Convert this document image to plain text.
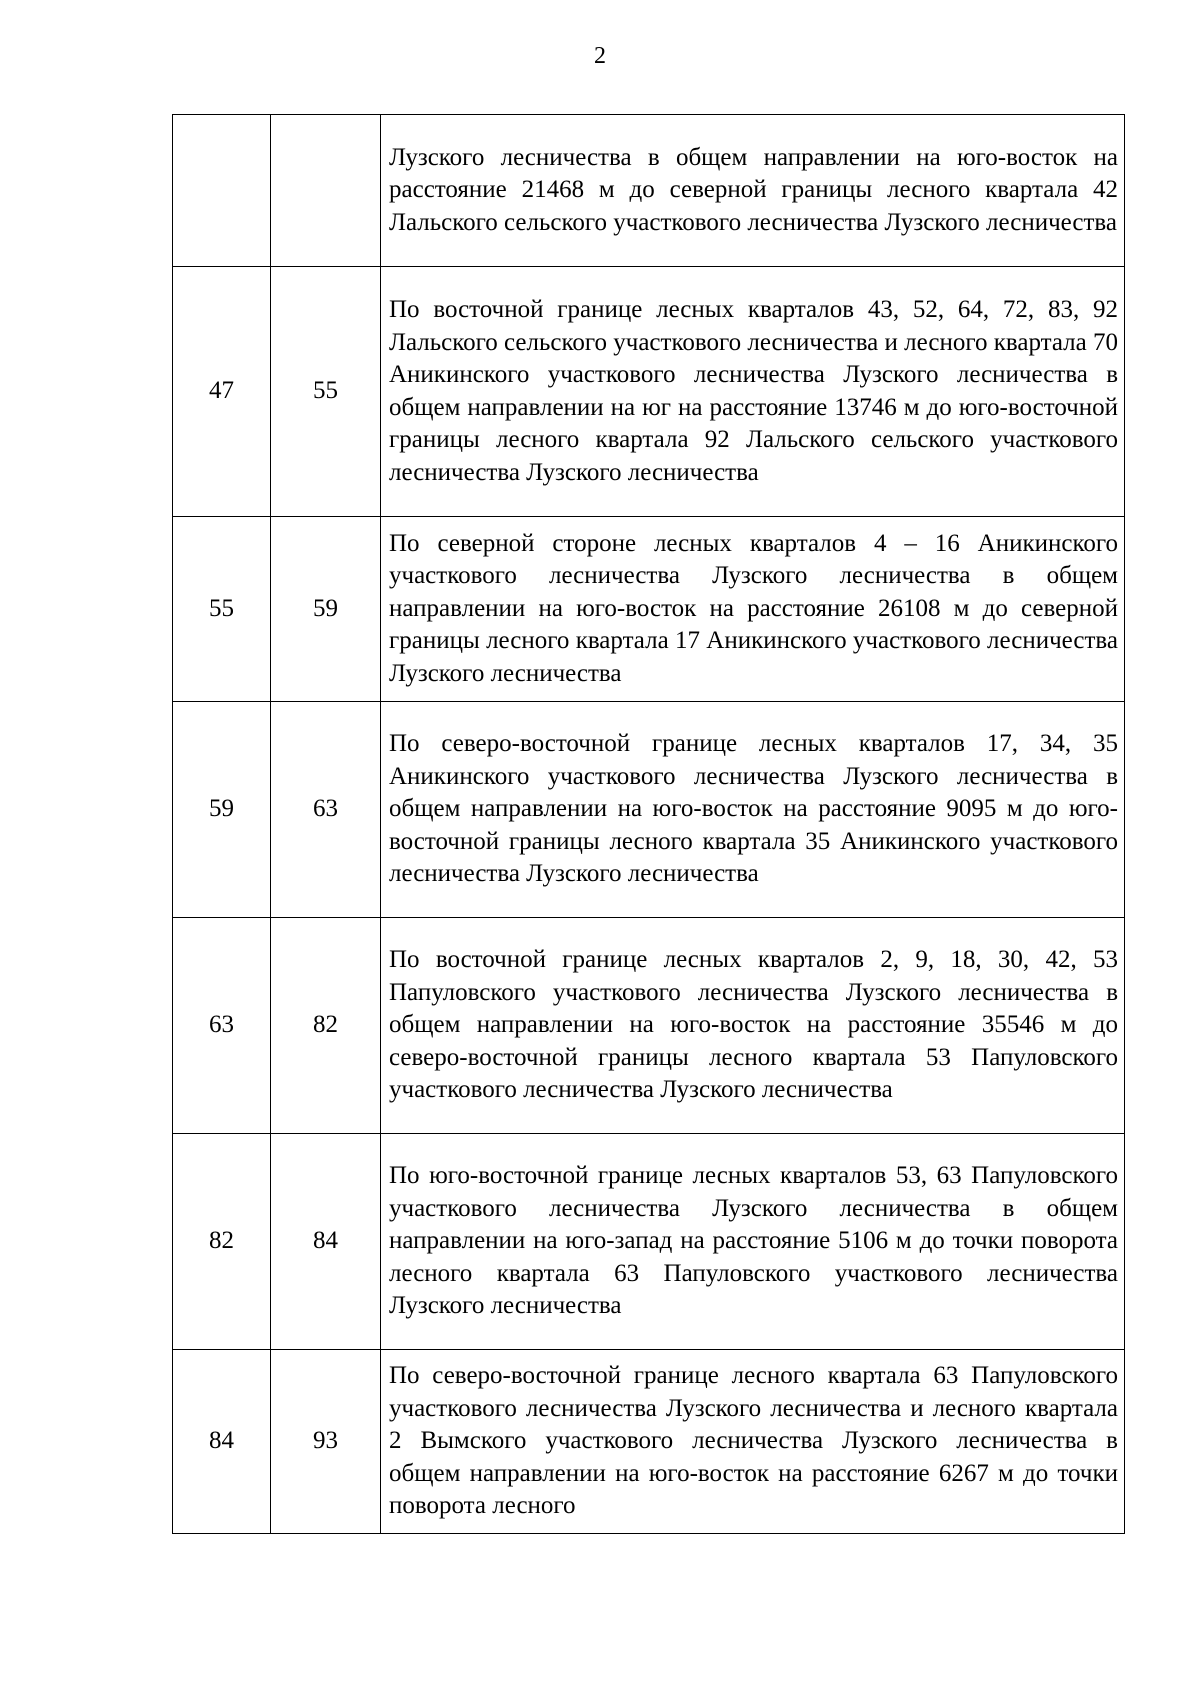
2

		Лузского лесничества в общем направлении на юго-восток на расстояние 21468 м до северной границы лесного квартала 42 Лальского сельского участкового лесничества Лузского лесничества

47	55	По восточной границе лесных кварталов 43, 52, 64, 72, 83, 92 Лальского сельского участкового лесничества и лесного квартала 70 Аникинского участкового лесничества Лузского лесничества в общем направлении на юг на расстояние 13746 м до юго-восточной границы лесного квартала 92 Лальского сельского участкового лесничества Лузского лесничества

55	59	По северной стороне лесных кварталов 4 – 16 Аникинского участкового лесничества Лузского лесничества в общем направлении на юго-восток на расстояние 26108 м до северной границы лесного квартала 17 Аникинского участкового лесничества Лузского лесничества

59	63	По северо-восточной границе лесных кварталов 17, 34, 35 Аникинского участкового лесничества Лузского лесничества в общем направлении на юго-восток на расстояние 9095 м до юго-восточной границы лесного квартала 35 Аникинского участкового лесничества Лузского лесничества

63	82	По восточной границе лесных кварталов 2, 9, 18, 30, 42, 53 Папуловского участкового лесничества Лузского лесничества в общем направлении на юго-восток на расстояние 35546 м до северо-восточной границы лесного квартала 53 Папуловского участкового лесничества Лузского лесничества

82	84	По юго-восточной границе лесных кварталов 53, 63 Папуловского участкового лесничества Лузского лесничества в общем направлении на юго-запад на расстояние 5106 м до точки поворота лесного квартала 63 Папуловского участкового лесничества Лузского лесничества

84	93	По северо-восточной границе лесного квартала 63 Папуловского участкового лесничества Лузского лесничества и лесного квартала 2 Вымского участкового лесничества Лузского лесничества в общем направлении на юго-восток на расстояние 6267 м до точки поворота лесного
